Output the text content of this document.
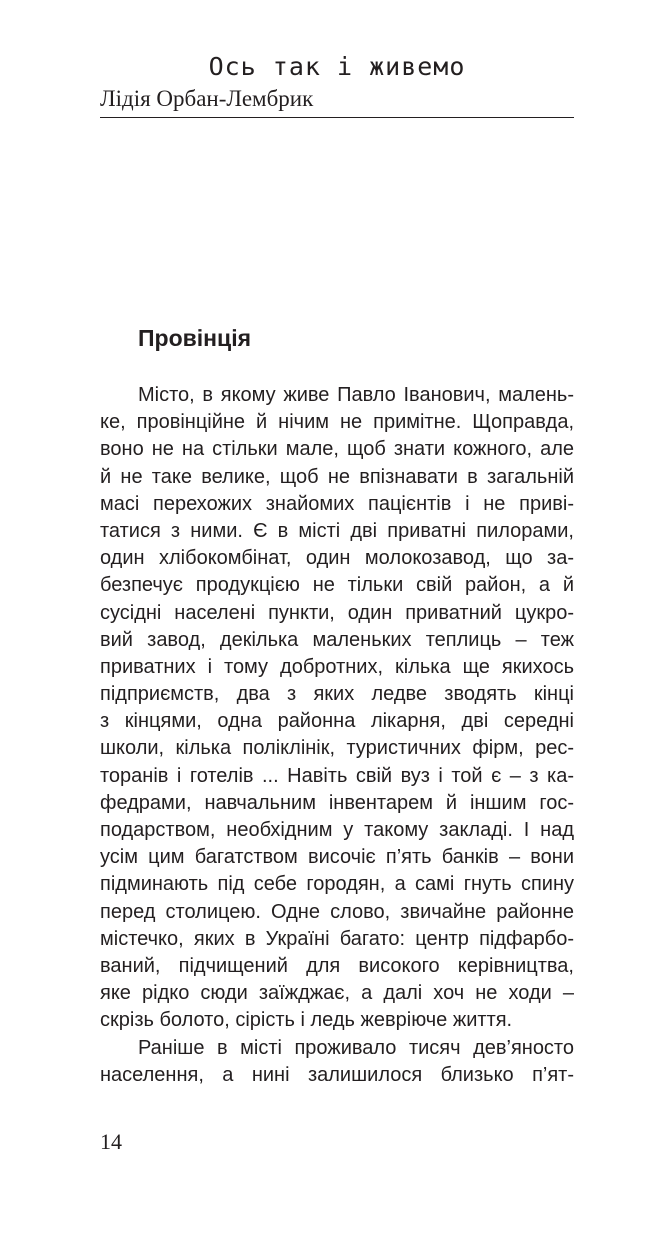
Ось так і живемо
Лідія Орбан-Лембрик
Провінція
Місто, в якому живе Павло Іванович, малень-
ке, провінційне й нічим не примітне. Щоправда,
воно не на стільки мале, щоб знати кожного, але
й не таке велике, щоб не впізнавати в загальній
масі перехожих знайомих пацієнтів і не приві-
татися з ними. Є в місті дві приватні пилорами,
один хлібокомбінат, один молокозавод, що за-
безпечує продукцією не тільки свій район, а й
сусідні населені пункти, один приватний цукро-
вий завод, декілька маленьких теплиць – теж
приватних і тому добротних, кілька ще якихось
підприємств, два з яких ледве зводять кінці
з кінцями, одна районна лікарня, дві середні
школи, кілька поліклінік, туристичних фірм, рес-
торанів і готелів ... Навіть свій вуз і той є – з ка-
федрами, навчальним інвентарем й іншим гос-
подарством, необхідним у такому закладі. І над
усім цим багатством височіє п’ять банків – вони
підминають під себе городян, а самі гнуть спину
перед столицею. Одне слово, звичайне районне
містечко, яких в Україні багато: центр підфарбо-
ваний, підчищений для високого керівництва,
яке рідко сюди заїжджає, а далі хоч не ходи –
скрізь болото, сірість і ледь жевріюче життя.
Раніше в місті проживало тисяч дев’яносто
населення, а нині залишилося близько п’ят-
14
